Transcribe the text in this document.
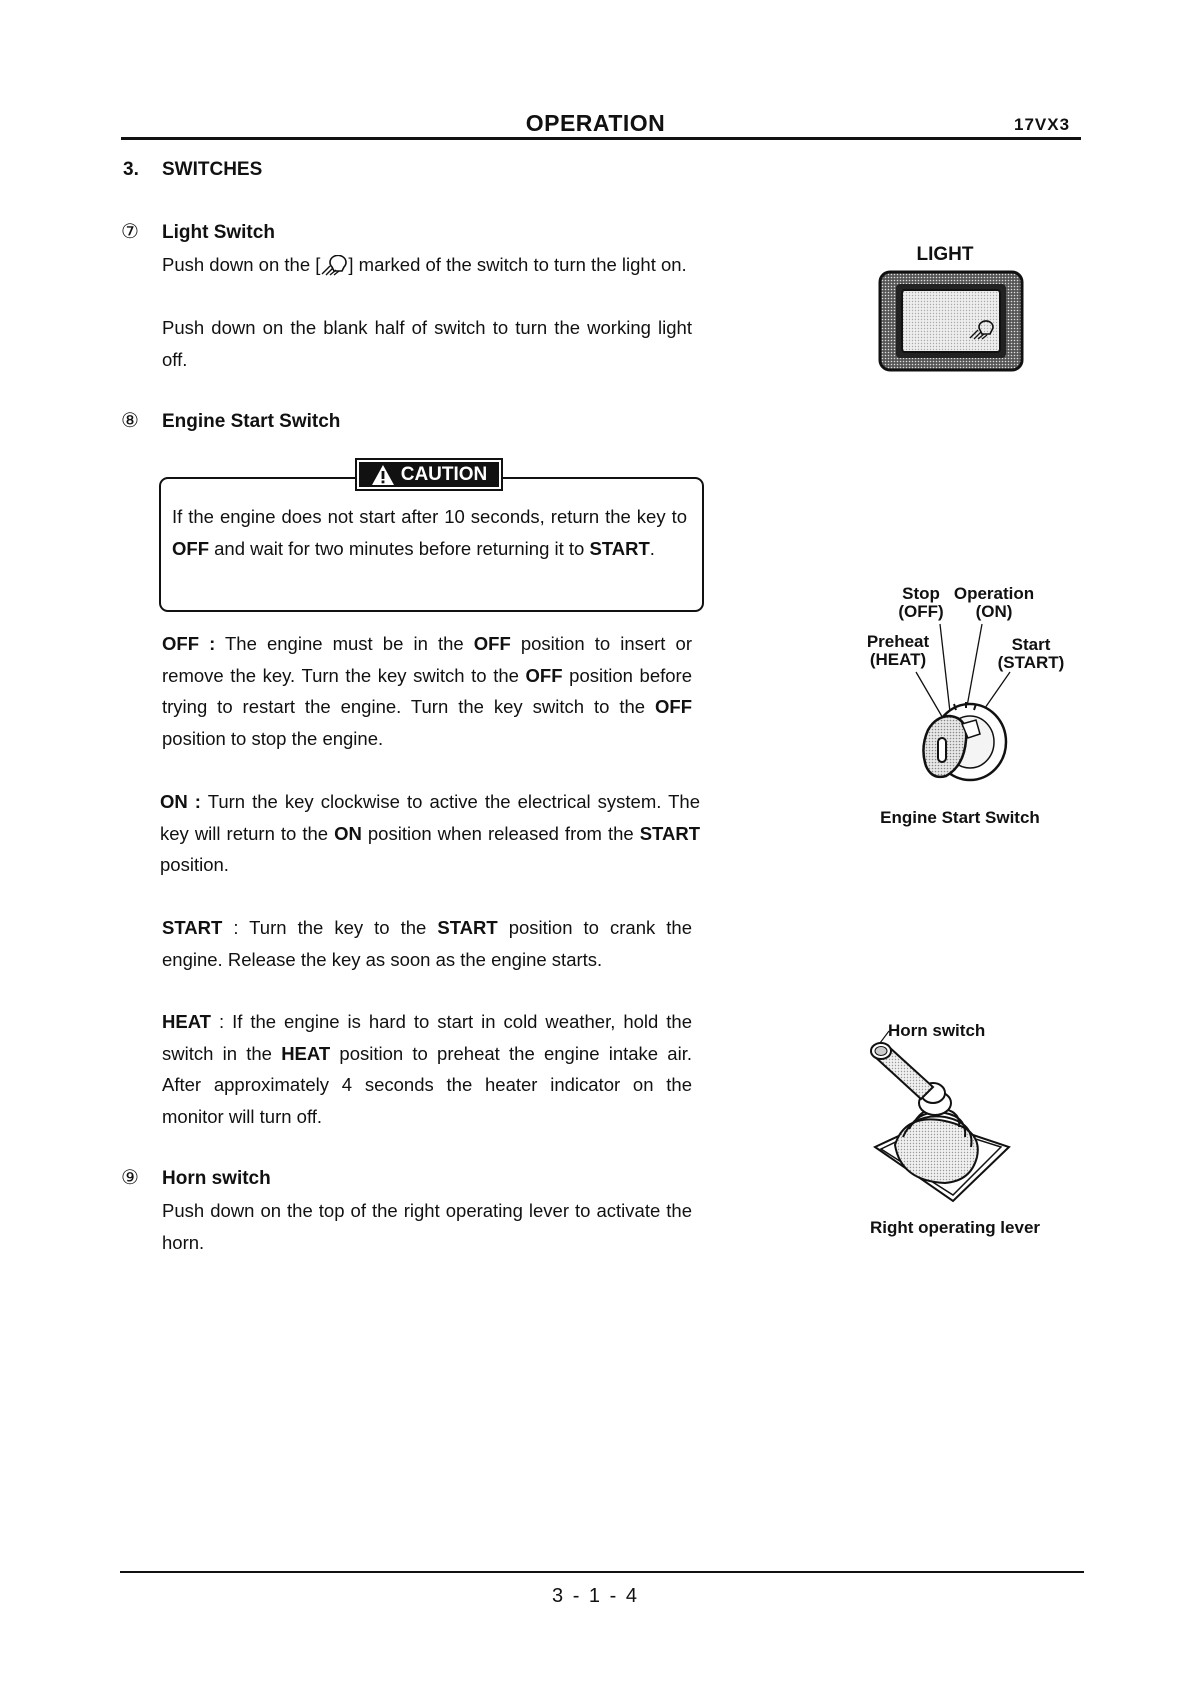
OPERATION	17VX3
3. SWITCHES
⑦ Light Switch
Push down on the [ ] marked of the switch to turn the light on.
Push down on the blank half of switch to turn the working light off.
⑧ Engine Start Switch
CAUTION
If the engine does not start after 10 seconds, return the key to OFF and wait for two minutes before returning it to START.
OFF : The engine must be in the OFF position to insert or remove the key. Turn the key switch to the OFF position before trying to restart the engine. Turn the key switch to the OFF position to stop the engine.
ON : Turn the key clockwise to active the electrical system. The key will return to the ON position when released from the START position.
START : Turn the key to the START position to crank the engine. Release the key as soon as the engine starts.
HEAT : If the engine is hard to start in cold weather, hold the switch in the HEAT position to preheat the engine intake air. After approximately 4 seconds the heater indicator on the monitor will turn off.
⑨ Horn switch
Push down on the top of the right operating lever to activate the horn.
LIGHT
Stop
(OFF)
Operation
(ON)
Preheat
(HEAT)
Start
(START)
Engine Start Switch
Horn switch
Right operating lever
3 - 1 - 4
